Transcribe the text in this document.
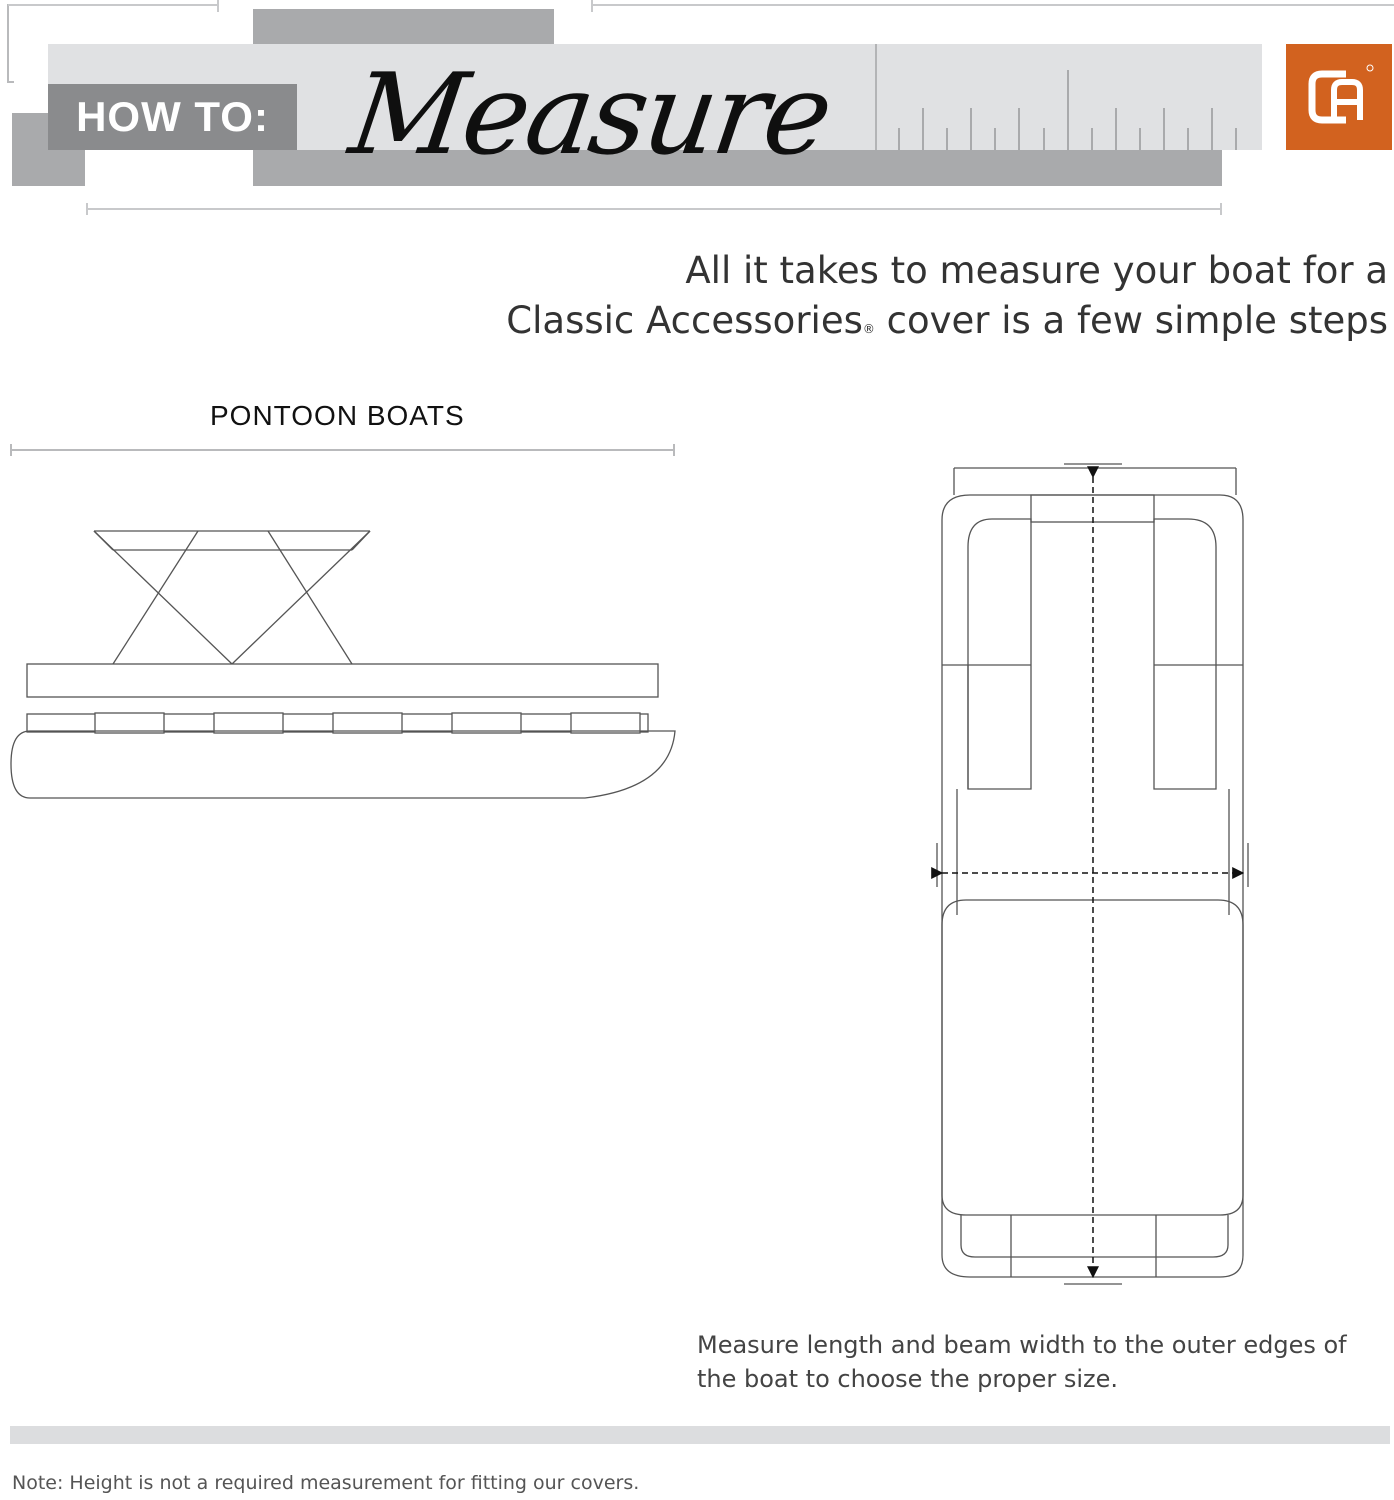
HOW TO: Measure
All it takes to measure your boat for a
Classic Accessories® cover is a few simple steps
PONTOON BOATS
Measure length and beam width to the outer edges of the boat to choose the proper size.
Note: Height is not a required measurement for fitting our covers.
